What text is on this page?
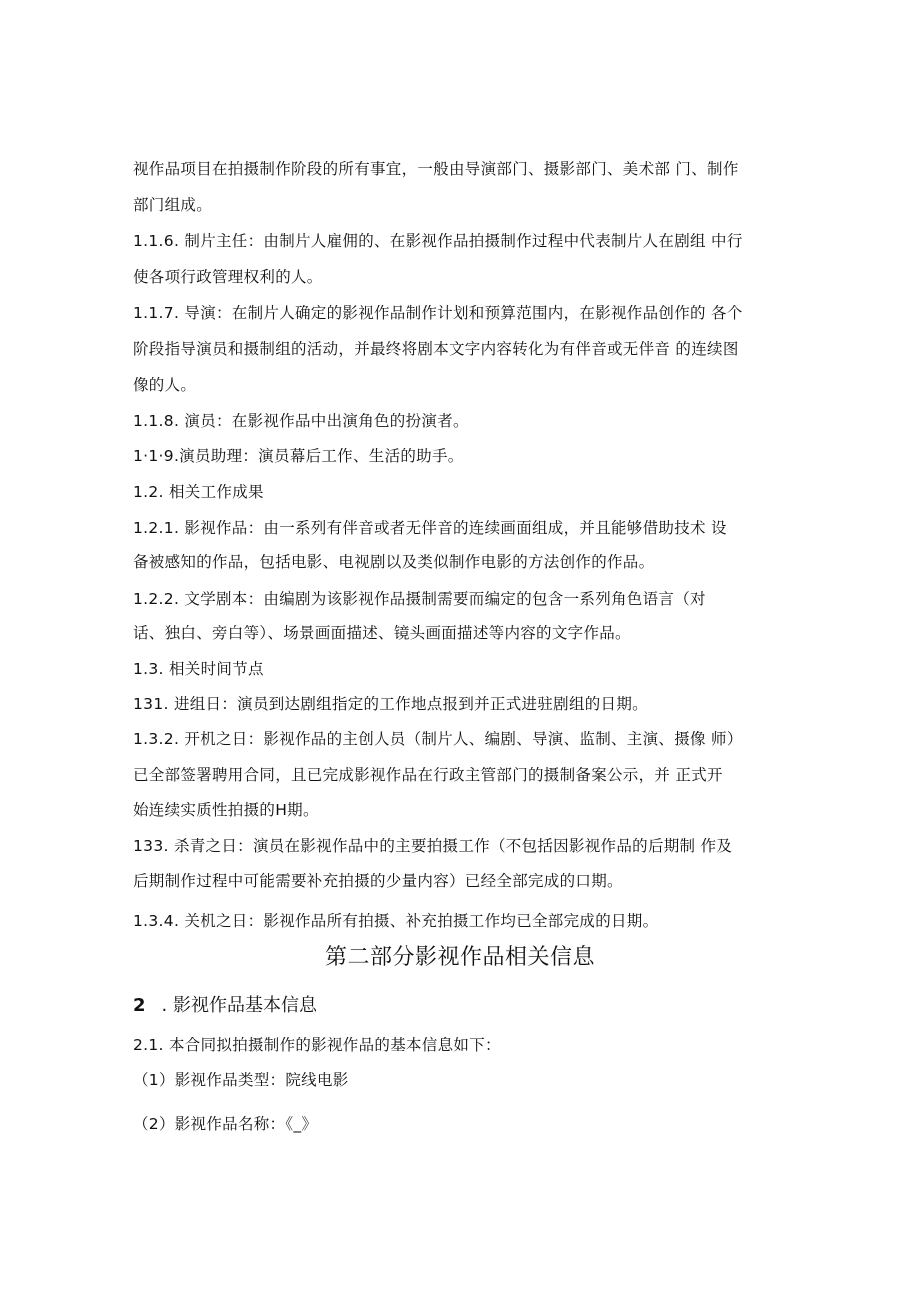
视作品项目在拍摄制作阶段的所有事宜，一般由导演部门、摄影部门、美术部 门、制作
部门组成。
1.1.6. 制片主任：由制片人雇佣的、在影视作品拍摄制作过程中代表制片人在剧组 中行
使各项行政管理权利的人。
1.1.7. 导演：在制片人确定的影视作品制作计划和预算范围内，在影视作品创作的 各个
阶段指导演员和摄制组的活动，并最终将剧本文字内容转化为有伴音或无伴音 的连续图
像的人。
1.1.8. 演员：在影视作品中出演角色的扮演者。
1·1·9.演员助理：演员幕后工作、生活的助手。
1.2. 相关工作成果
1.2.1. 影视作品：由一系列有伴音或者无伴音的连续画面组成，并且能够借助技术 设
备被感知的作品，包括电影、电视剧以及类似制作电影的方法创作的作品。
1.2.2. 文学剧本：由编剧为该影视作品摄制需要而编定的包含一系列角色语言（对
话、独白、旁白等）、场景画面描述、镜头画面描述等内容的文字作品。
1.3. 相关时间节点
131. 进组日：演员到达剧组指定的工作地点报到并正式进驻剧组的日期。
1.3.2. 开机之日：影视作品的主创人员（制片人、编剧、导演、监制、主演、摄像 师）
已全部签署聘用合同，且已完成影视作品在行政主管部门的摄制备案公示，并 正式开
始连续实质性拍摄的H期。
133. 杀青之日：演员在影视作品中的主要拍摄工作（不包括因影视作品的后期制 作及
后期制作过程中可能需要补充拍摄的少量内容）已经全部完成的口期。
1.3.4. 关机之日：影视作品所有拍摄、补充拍摄工作均已全部完成的日期。
第二部分影视作品相关信息
2 . 影视作品基本信息
2.1. 本合同拟拍摄制作的影视作品的基本信息如下：
（1）影视作品类型：院线电影
（2）影视作品名称：《_》
